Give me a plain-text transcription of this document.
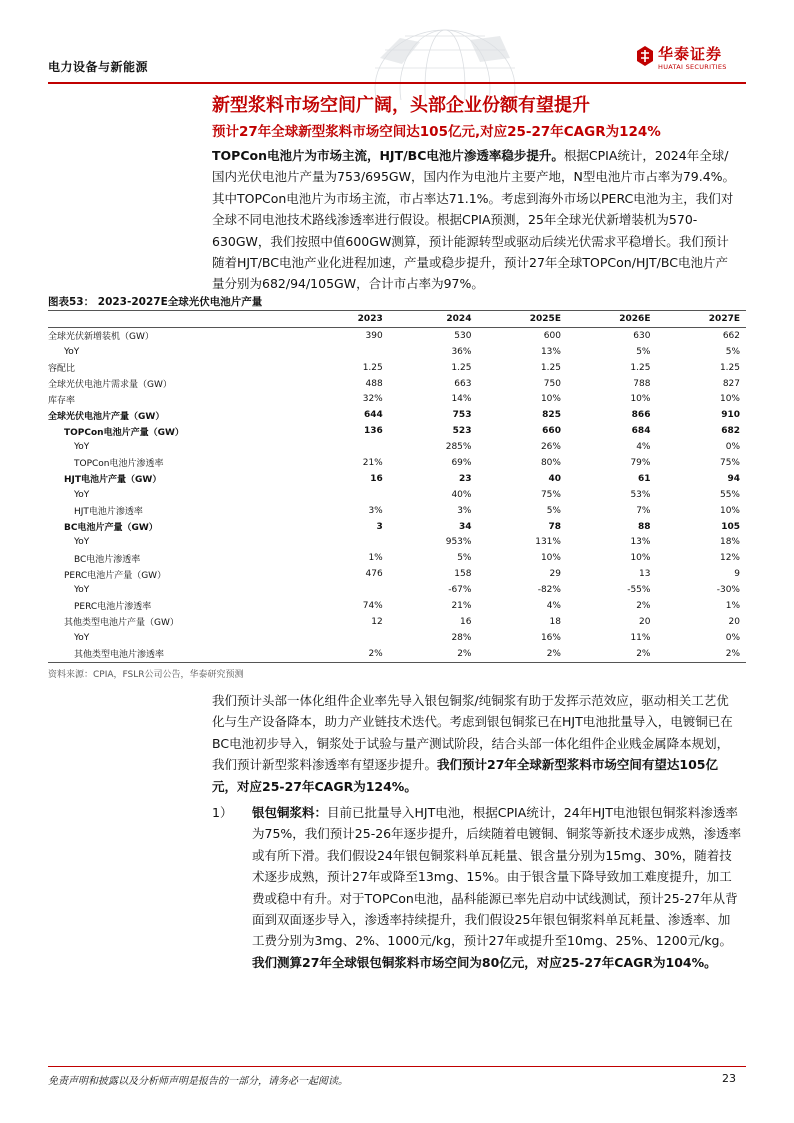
电力设备与新能源
华泰证券
HUATAI SECURITIES
新型浆料市场空间广阔，头部企业份额有望提升
预计27年全球新型浆料市场空间达105亿元,对应25-27年CAGR为124%
TOPCon电池片为市场主流，HJT/BC电池片渗透率稳步提升。根据CPIA统计，2024年全球/国内光伏电池片产量为753/695GW，国内作为电池片主要产地，N型电池片市占率为79.4%。其中TOPCon电池片为市场主流，市占率达71.1%。考虑到海外市场以PERC电池为主，我们对全球不同电池技术路线渗透率进行假设。根据CPIA预测，25年全球光伏新增装机为570-630GW，我们按照中值600GW测算，预计能源转型或驱动后续光伏需求平稳增长。我们预计随着HJT/BC电池产业化进程加速，产量或稳步提升，预计27年全球TOPCon/HJT/BC电池片产量分别为682/94/105GW，合计市占率为97%。
图表53： 2023-2027E全球光伏电池片产量
	2023	2024	2025E	2026E	2027E
全球光伏新增装机（GW）	390	530	600	630	662
YoY		36%	13%	5%	5%
容配比	1.25	1.25	1.25	1.25	1.25
全球光伏电池片需求量（GW）	488	663	750	788	827
库存率	32%	14%	10%	10%	10%
全球光伏电池片产量（GW）	644	753	825	866	910
TOPCon电池片产量（GW）	136	523	660	684	682
YoY		285%	26%	4%	0%
TOPCon电池片渗透率	21%	69%	80%	79%	75%
HJT电池片产量（GW）	16	23	40	61	94
YoY		40%	75%	53%	55%
HJT电池片渗透率	3%	3%	5%	7%	10%
BC电池片产量（GW）	3	34	78	88	105
YoY		953%	131%	13%	18%
BC电池片渗透率	1%	5%	10%	10%	12%
PERC电池片产量（GW）	476	158	29	13	9
YoY		-67%	-82%	-55%	-30%
PERC电池片渗透率	74%	21%	4%	2%	1%
其他类型电池片产量（GW）	12	16	18	20	20
YoY		28%	16%	11%	0%
其他类型电池片渗透率	2%	2%	2%	2%	2%
资料来源：CPIA，FSLR公司公告，华泰研究预测
我们预计头部一体化组件企业率先导入银包铜浆/纯铜浆有助于发挥示范效应，驱动相关工艺优化与生产设备降本，助力产业链技术迭代。考虑到银包铜浆已在HJT电池批量导入，电镀铜已在BC电池初步导入，铜浆处于试验与量产测试阶段，结合头部一体化组件企业贱金属降本规划，我们预计新型浆料渗透率有望逐步提升。我们预计27年全球新型浆料市场空间有望达105亿元，对应25-27年CAGR为124%。
1） 银包铜浆料：目前已批量导入HJT电池，根据CPIA统计，24年HJT电池银包铜浆料渗透率为75%，我们预计25-26年逐步提升，后续随着电镀铜、铜浆等新技术逐步成熟，渗透率或有所下滑。我们假设24年银包铜浆料单瓦耗量、银含量分别为15mg、30%，随着技术逐步成熟，预计27年或降至13mg、15%。由于银含量下降导致加工难度提升，加工费或稳中有升。对于TOPCon电池，晶科能源已率先启动中试线测试，预计25-27年从背面到双面逐步导入，渗透率持续提升，我们假设25年银包铜浆料单瓦耗量、渗透率、加工费分别为3mg、2%、1000元/kg，预计27年或提升至10mg、25%、1200元/kg。我们测算27年全球银包铜浆料市场空间为80亿元，对应25-27年CAGR为104%。
免责声明和披露以及分析师声明是报告的一部分，请务必一起阅读。	23
